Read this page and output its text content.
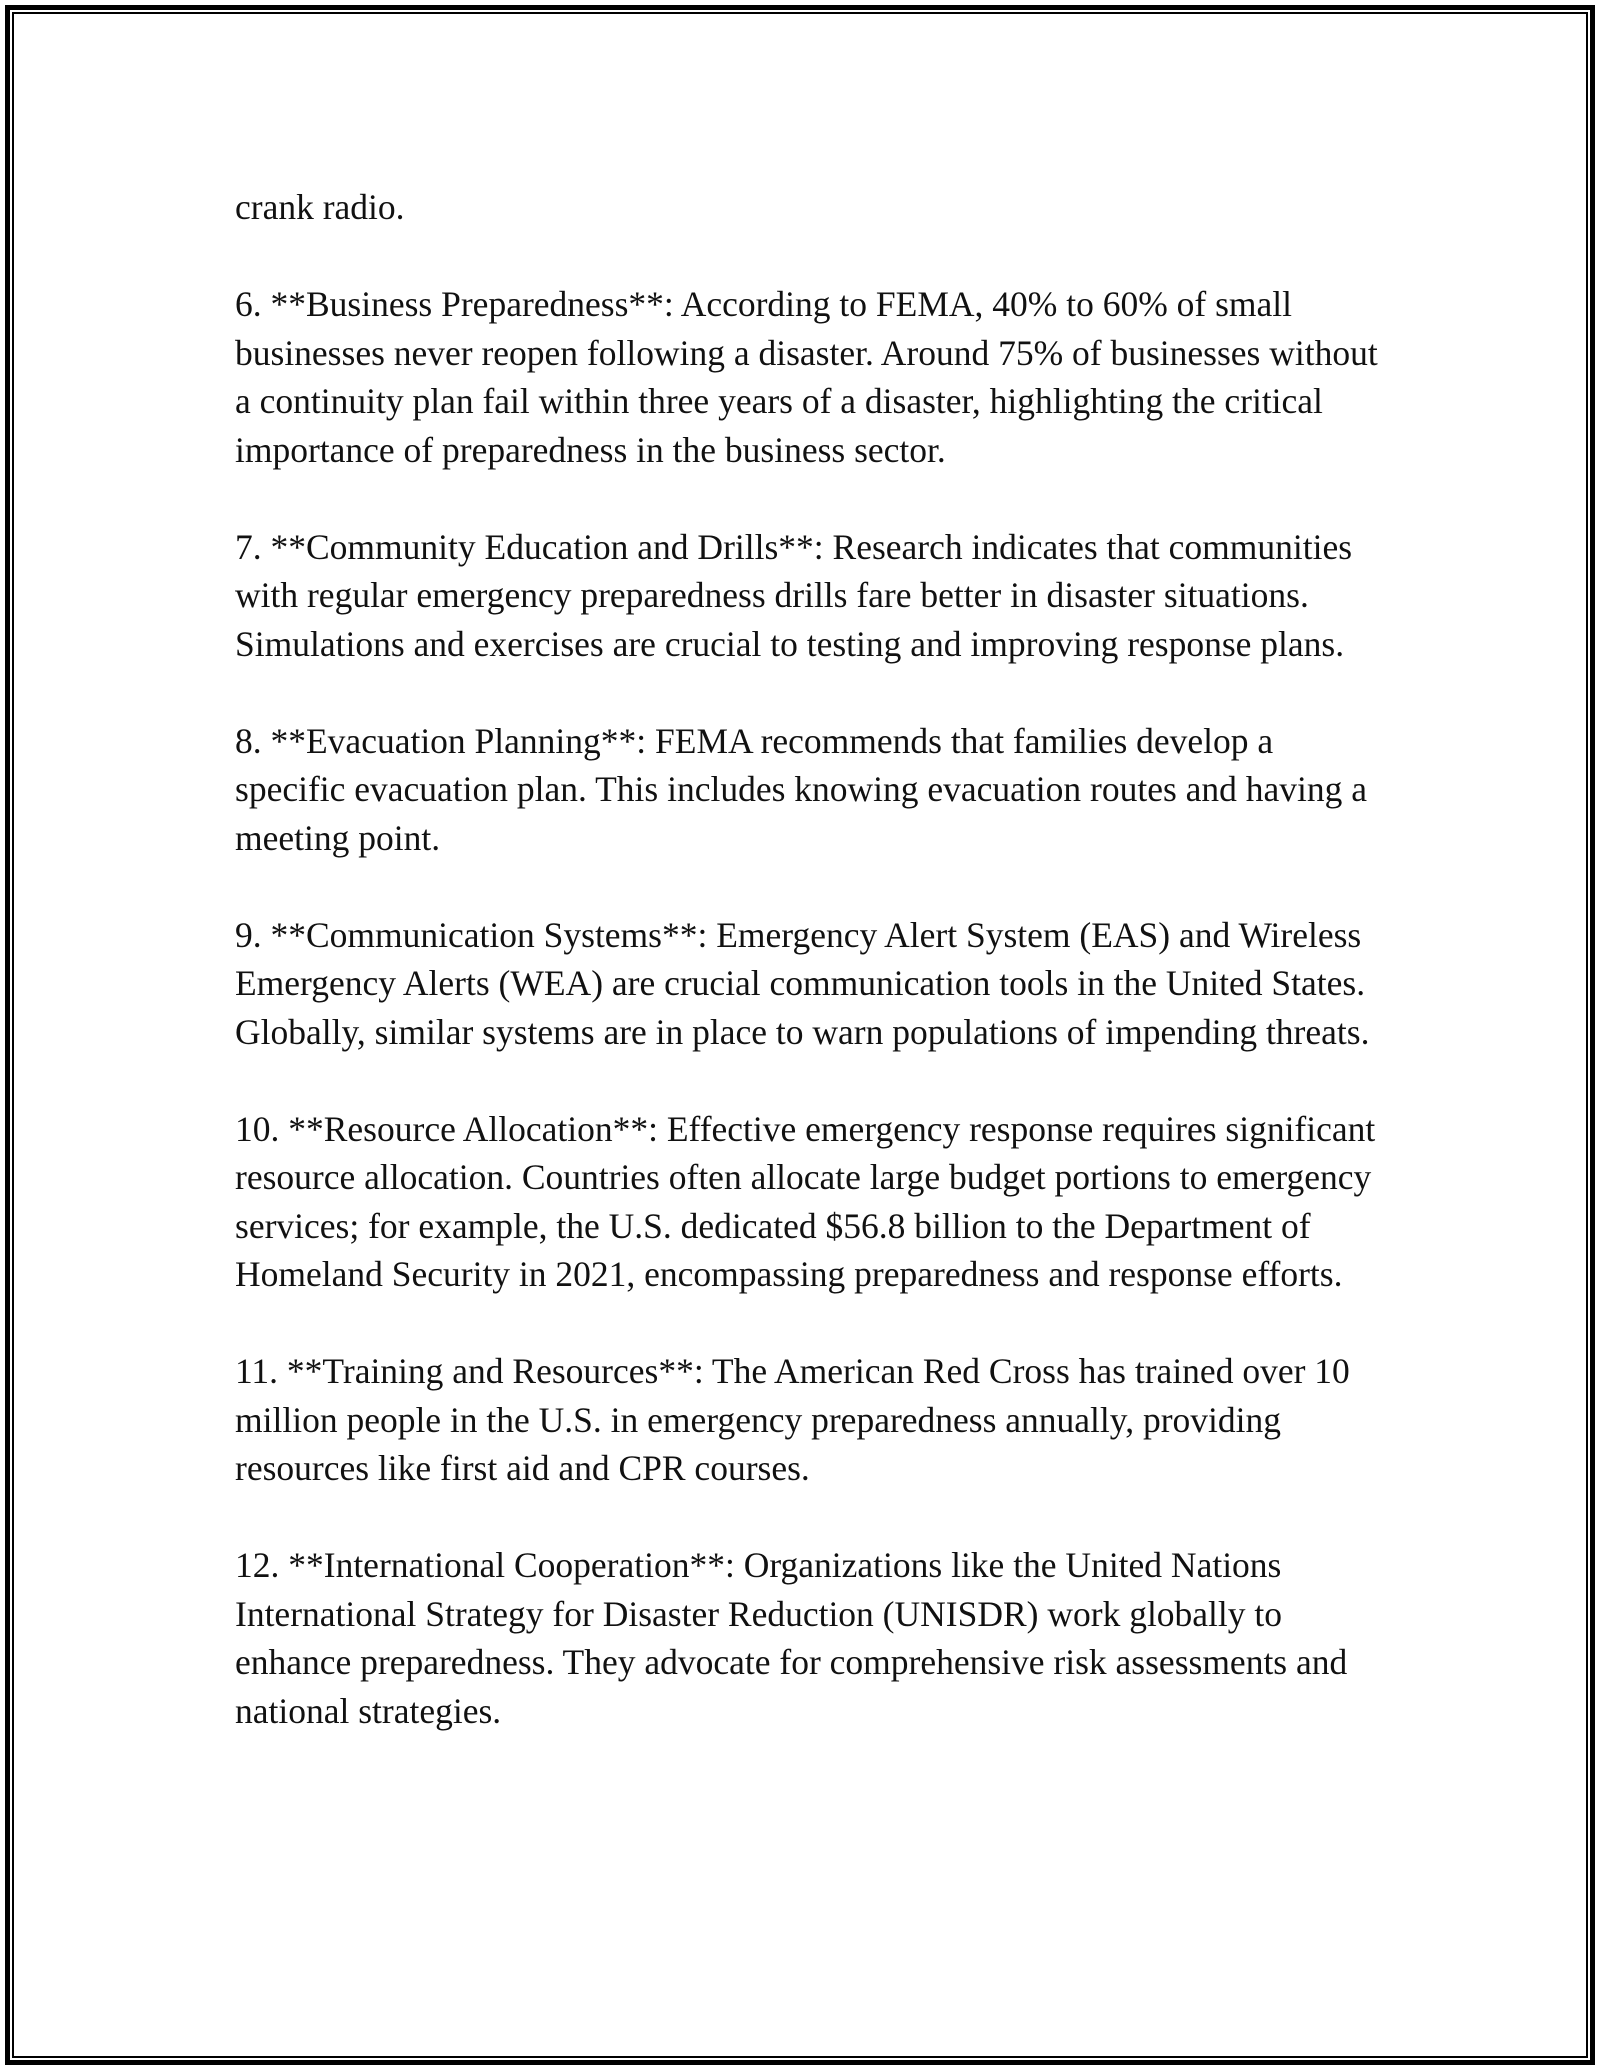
crank radio.

6. **Business Preparedness**: According to FEMA, 40% to 60% of small businesses never reopen following a disaster. Around 75% of businesses without a continuity plan fail within three years of a disaster, highlighting the critical importance of preparedness in the business sector.

7. **Community Education and Drills**: Research indicates that communities with regular emergency preparedness drills fare better in disaster situations. Simulations and exercises are crucial to testing and improving response plans.

8. **Evacuation Planning**: FEMA recommends that families develop a specific evacuation plan. This includes knowing evacuation routes and having a meeting point.

9. **Communication Systems**: Emergency Alert System (EAS) and Wireless Emergency Alerts (WEA) are crucial communication tools in the United States. Globally, similar systems are in place to warn populations of impending threats.

10. **Resource Allocation**: Effective emergency response requires significant resource allocation. Countries often allocate large budget portions to emergency services; for example, the U.S. dedicated $56.8 billion to the Department of Homeland Security in 2021, encompassing preparedness and response efforts.

11. **Training and Resources**: The American Red Cross has trained over 10 million people in the U.S. in emergency preparedness annually, providing resources like first aid and CPR courses.

12. **International Cooperation**: Organizations like the United Nations International Strategy for Disaster Reduction (UNISDR) work globally to enhance preparedness. They advocate for comprehensive risk assessments and national strategies.
